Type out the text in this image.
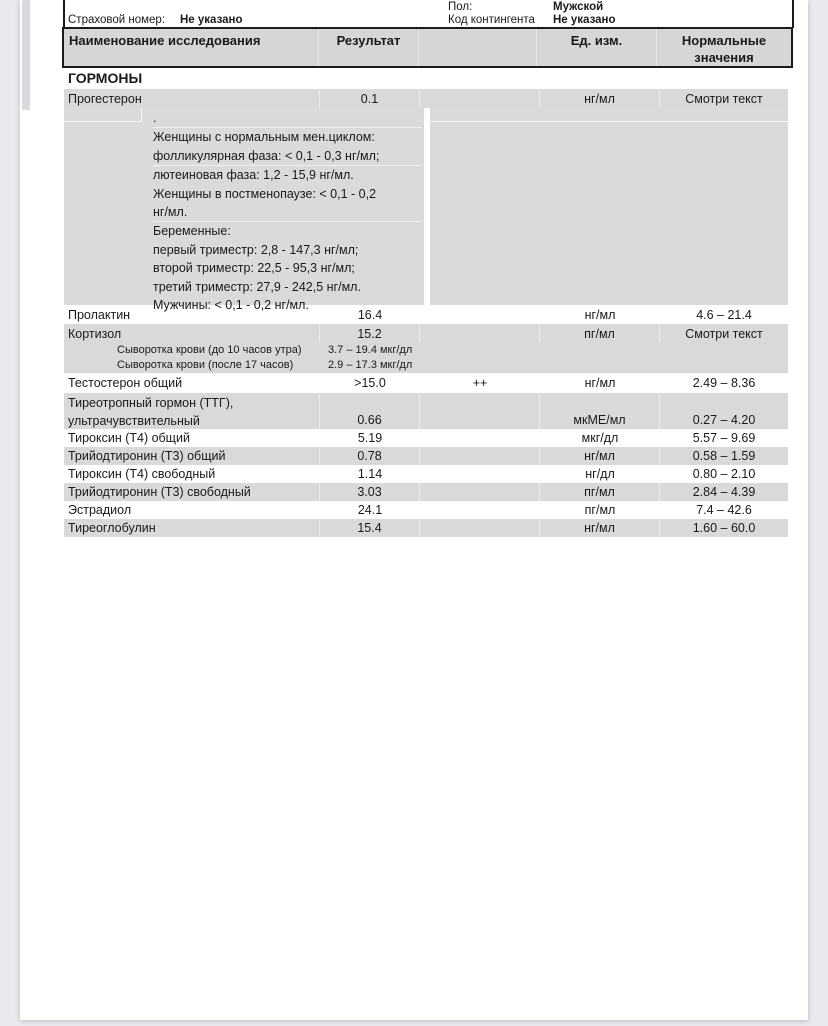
Пол:	Мужской
Страховой номер: Не указано	Код контингента Не указано
Наименование исследования	Результат	Ед. изм.	Нормальные
значения
ГОРМОНЫ
Прогестерон	0.1	нг/мл	Смотри текст
.
Женщины с нормальным мен.циклом:
фолликулярная фаза: < 0,1 - 0,3 нг/мл;
лютеиновая фаза: 1,2 - 15,9 нг/мл.
Женщины в постменопаузе: < 0,1 - 0,2
нг/мл.
Беременные:
первый триместр: 2,8 - 147,3 нг/мл;
второй триместр: 22,5 - 95,3 нг/мл;
третий триместр: 27,9 - 242,5 нг/мл.
Мужчины: < 0,1 - 0,2 нг/мл.
Пролактин	16.4	нг/мл	4.6 – 21.4
Кортизол	15.2	пг/мл	Смотри текст
Сыворотка крови (до 10 часов утра) 3.7 – 19.4 мкг/дл
Сыворотка крови (после 17 часов)	2.9 – 17.3 мкг/дл
Тестостерон общий	>15.0	++	нг/мл	2.49 – 8.36
Тиреотропный гормон (ТТГ),
ультрачувствительный	0.66	мкМЕ/мл	0.27 – 4.20
Тироксин (Т4) общий	5.19	мкг/дл	5.57 – 9.69
Трийодтиронин (Т3) общий	0.78	нг/мл	0.58 – 1.59
Тироксин (Т4) свободный	1.14	нг/дл	0.80 – 2.10
Трийодтиронин (Т3) свободный	3.03	пг/мл	2.84 – 4.39
Эстрадиол	24.1	пг/мл	7.4 – 42.6
Тиреоглобулин	15.4	нг/мл	1.60 – 60.0
